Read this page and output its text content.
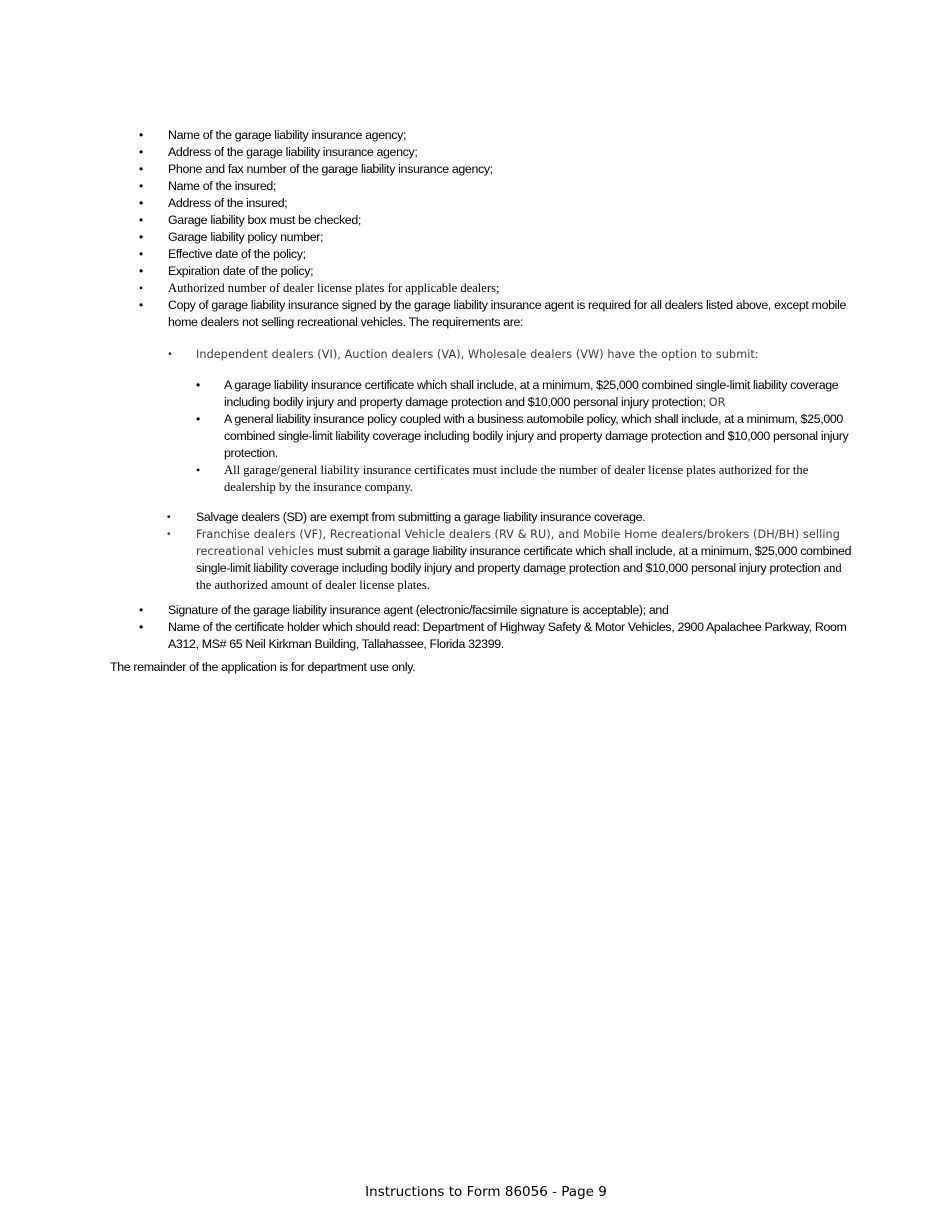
• Name of the garage liability insurance agency;
• Address of the garage liability insurance agency;
• Phone and fax number of the garage liability insurance agency;
• Name of the insured;
• Address of the insured;
• Garage liability box must be checked;
• Garage liability policy number;
• Effective date of the policy;
• Expiration date of the policy;
• Authorized number of dealer license plates for applicable dealers;
• Copy of garage liability insurance signed by the garage liability insurance agent is required for all dealers listed above, except mobile home dealers not selling recreational vehicles. The requirements are:
• Independent dealers (VI), Auction dealers (VA), Wholesale dealers (VW) have the option to submit:
• A garage liability insurance certificate which shall include, at a minimum, $25,000 combined single-limit liability coverage including bodily injury and property damage protection and $10,000 personal injury protection; OR
• A general liability insurance policy coupled with a business automobile policy, which shall include, at a minimum, $25,000 combined single-limit liability coverage including bodily injury and property damage protection and $10,000 personal injury protection.
• All garage/general liability insurance certificates must include the number of dealer license plates authorized for the dealership by the insurance company.
• Salvage dealers (SD) are exempt from submitting a garage liability insurance coverage.
• Franchise dealers (VF), Recreational Vehicle dealers (RV & RU), and Mobile Home dealers/brokers (DH/BH) selling recreational vehicles must submit a garage liability insurance certificate which shall include, at a minimum, $25,000 combined single-limit liability coverage including bodily injury and property damage protection and $10,000 personal injury protection and the authorized amount of dealer license plates.
• Signature of the garage liability insurance agent (electronic/facsimile signature is acceptable); and
• Name of the certificate holder which should read: Department of Highway Safety & Motor Vehicles, 2900 Apalachee Parkway, Room A312, MS# 65 Neil Kirkman Building, Tallahassee, Florida 32399.
The remainder of the application is for department use only.
Instructions to Form 86056 - Page 9
